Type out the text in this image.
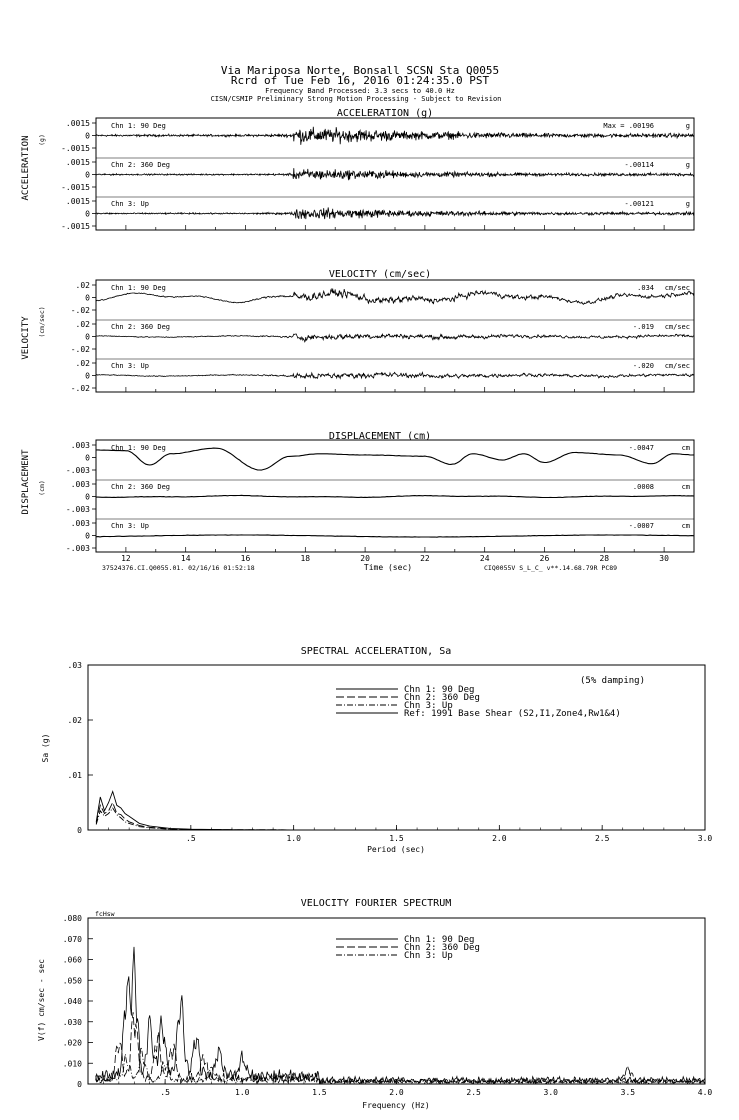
Via Mariposa Norte, Bonsall SCSN Sta Q0055
Rcrd of Tue Feb 16, 2016 01:24:35.0 PST
Frequency Band Processed: 3.3 secs to 40.0 Hz
CISN/CSMIP Preliminary Strong Motion Processing - Subject to Revision
ACCELERATION (g)
ACCELERATION (g)
.0015
0
-.0015
Chn 1: 90 Deg	Max = .00196	g
.0015
0
-.0015
Chn 2: 360 Deg	-.00114	g
.0015
0
-.0015
Chn 3: Up	-.00121	g
VELOCITY (cm/sec)
VELOCITY (cm/sec)
.02
0
-.02
Chn 1: 90 Deg	.034 cm/sec
.02
0
-.02
Chn 2: 360 Deg	-.019 cm/sec
.02
0
-.02
Chn 3: Up	-.020 cm/sec
DISPLACEMENT (cm)
DISPLACEMENT (cm)
.003
0
-.003
Chn 1: 90 Deg	-.0047	cm
.003
0
-.003
Chn 2: 360 Deg	.0008	cm
.003
0
-.003
Chn 3: Up	-.0007	cm
12	14	16	18	20	22	24	26	28	30
Time (sec)
37524376.CI.Q0055.01. 02/16/16 01:52:18	CIQ0055V S_L_C_ v**.14.68.79R PC89
SPECTRAL ACCELERATION, Sa
Sa (g)
Period (sec)
(5% damping)
.5	1.0	1.5	2.0	2.5	3.0
.03
.02
.01
0
Chn 1: 90 Deg
Chn 2: 360 Deg
Chn 3: Up
Ref: 1991 Base Shear (S2,I1,Zone4,Rw1&4)
VELOCITY FOURIER SPECTRUM
fcHsw
V(f) cm/sec - sec
Frequency (Hz)
.5	1.0	1.5	2.0	2.5	3.0	3.5	4.0
.080
.070
.060
.050
.040
.030
.020
.010
0
Chn 1: 90 Deg
Chn 2: 360 Deg
Chn 3: Up
